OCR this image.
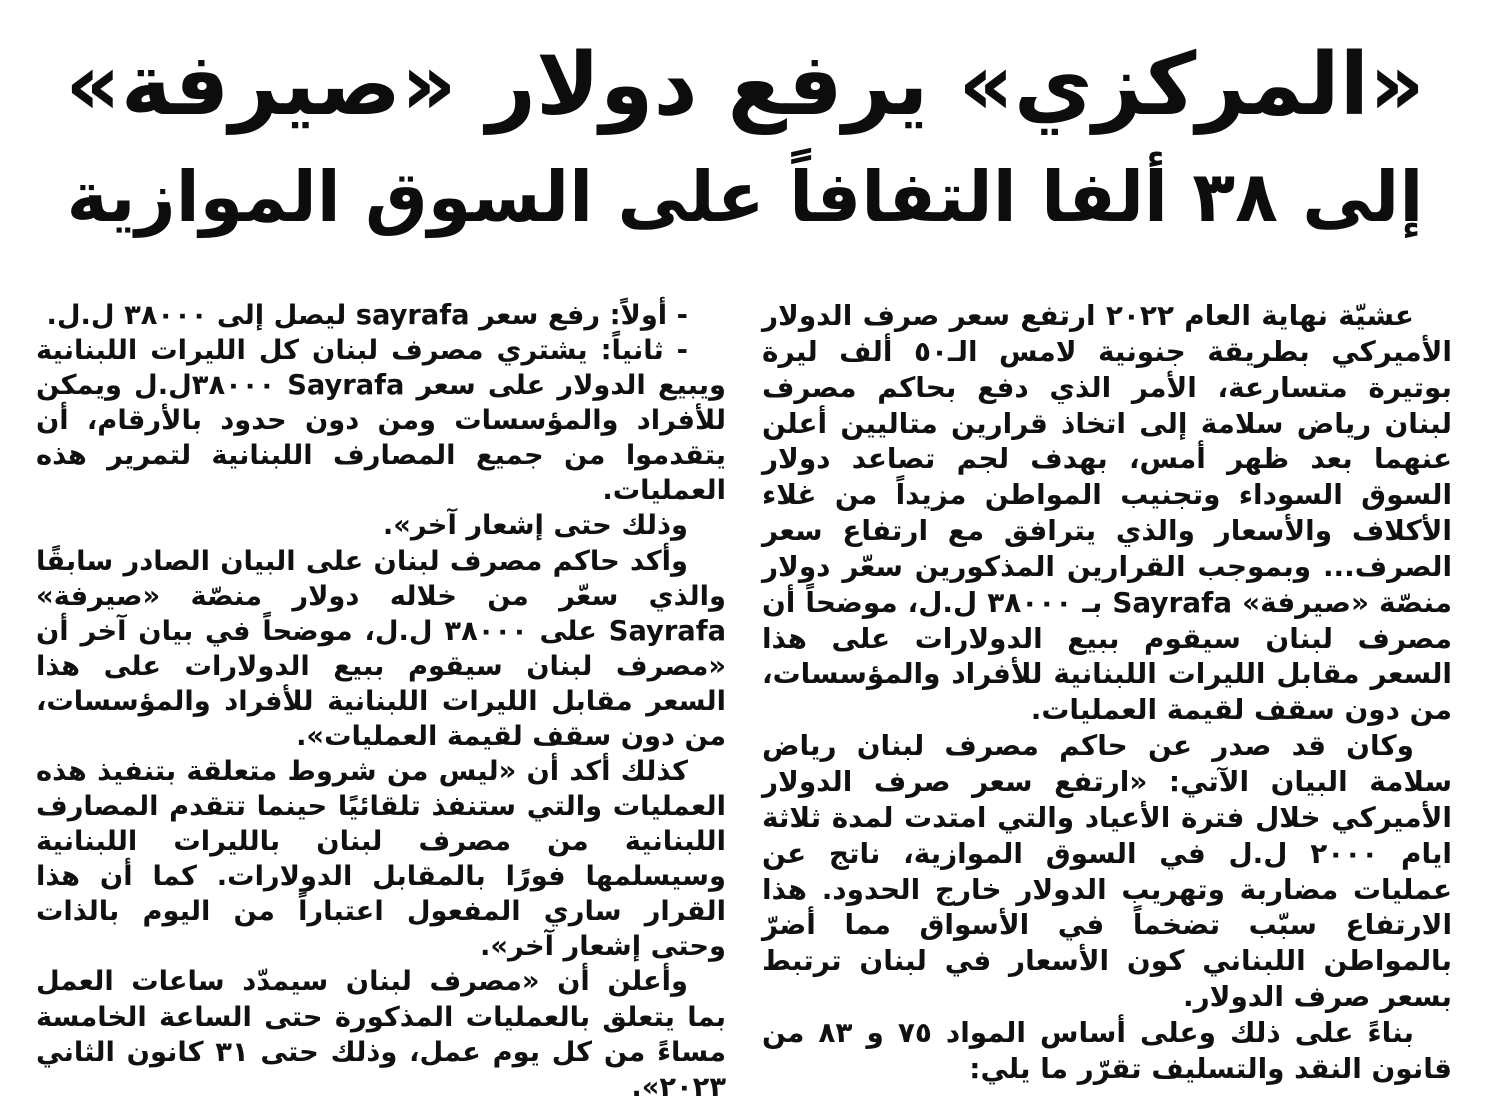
«المركزي» يرفع دولار «صيرفة»
إلى ٣٨ ألفا التفافاً على السوق الموازية

عشيّة نهاية العام ٢٠٢٢ ارتفع سعر صرف الدولار الأميركي بطريقة جنونية لامس الـ٥٠ ألف ليرة بوتيرة متسارعة، الأمر الذي دفع بحاكم مصرف لبنان رياض سلامة إلى اتخاذ قرارين متاليين أعلن عنهما بعد ظهر أمس، بهدف لجم تصاعد دولار السوق السوداء وتجنيب المواطن مزيداً من غلاء الأكلاف والأسعار والذي يترافق مع ارتفاع سعر الصرف... وبموجب القرارين المذكورين سعّر دولار منصّة «صيرفة» Sayrafa بـ ٣٨٠٠٠ ل.ل، موضحاً أن مصرف لبنان سيقوم ببيع الدولارات على هذا السعر مقابل الليرات اللبنانية للأفراد والمؤسسات، من دون سقف لقيمة العمليات.

وكان قد صدر عن حاكم مصرف لبنان رياض سلامة البيان الآتي: «ارتفع سعر صرف الدولار الأميركي خلال فترة الأعياد والتي امتدت لمدة ثلاثة ايام ٢٠٠٠ ل.ل في السوق الموازية، ناتج عن عمليات مضاربة وتهريب الدولار خارج الحدود. هذا الارتفاع سبّب تضخماً في الأسواق مما أضرّ بالمواطن اللبناني كون الأسعار في لبنان ترتبط بسعر صرف الدولار.

بناءً على ذلك وعلى أساس المواد ٧٥ و ٨٣ من قانون النقد والتسليف تقرّر ما يلي:

- أولاً: رفع سعر sayrafa ليصل إلى ٣٨٠٠٠ ل.ل.

- ثانياً: يشتري مصرف لبنان كل الليرات اللبنانية ويبيع الدولار على سعر Sayrafa ٣٨٠٠٠ل.ل ويمكن للأفراد والمؤسسات ومن دون حدود بالأرقام، أن يتقدموا من جميع المصارف اللبنانية لتمرير هذه العمليات.

وذلك حتى إشعار آخر».

وأكد حاكم مصرف لبنان على البيان الصادر سابقًا والذي سعّر من خلاله دولار منصّة «صيرفة» Sayrafa على ٣٨٠٠٠ ل.ل، موضحاً في بيان آخر أن «مصرف لبنان سيقوم ببيع الدولارات على هذا السعر مقابل الليرات اللبنانية للأفراد والمؤسسات، من دون سقف لقيمة العمليات».

كذلك أكد أن «ليس من شروط متعلقة بتنفيذ هذه العمليات والتي ستنفذ تلقائيًا حينما تتقدم المصارف اللبنانية من مصرف لبنان بالليرات اللبنانية وسيسلمها فورًا بالمقابل الدولارات. كما أن هذا القرار ساري المفعول اعتباراً من اليوم بالذات وحتى إشعار آخر».

وأعلن أن «مصرف لبنان سيمدّد ساعات العمل بما يتعلق بالعمليات المذكورة حتى الساعة الخامسة مساءً من كل يوم عمل، وذلك حتى ٣١ كانون الثاني ٢٠٢٣».
